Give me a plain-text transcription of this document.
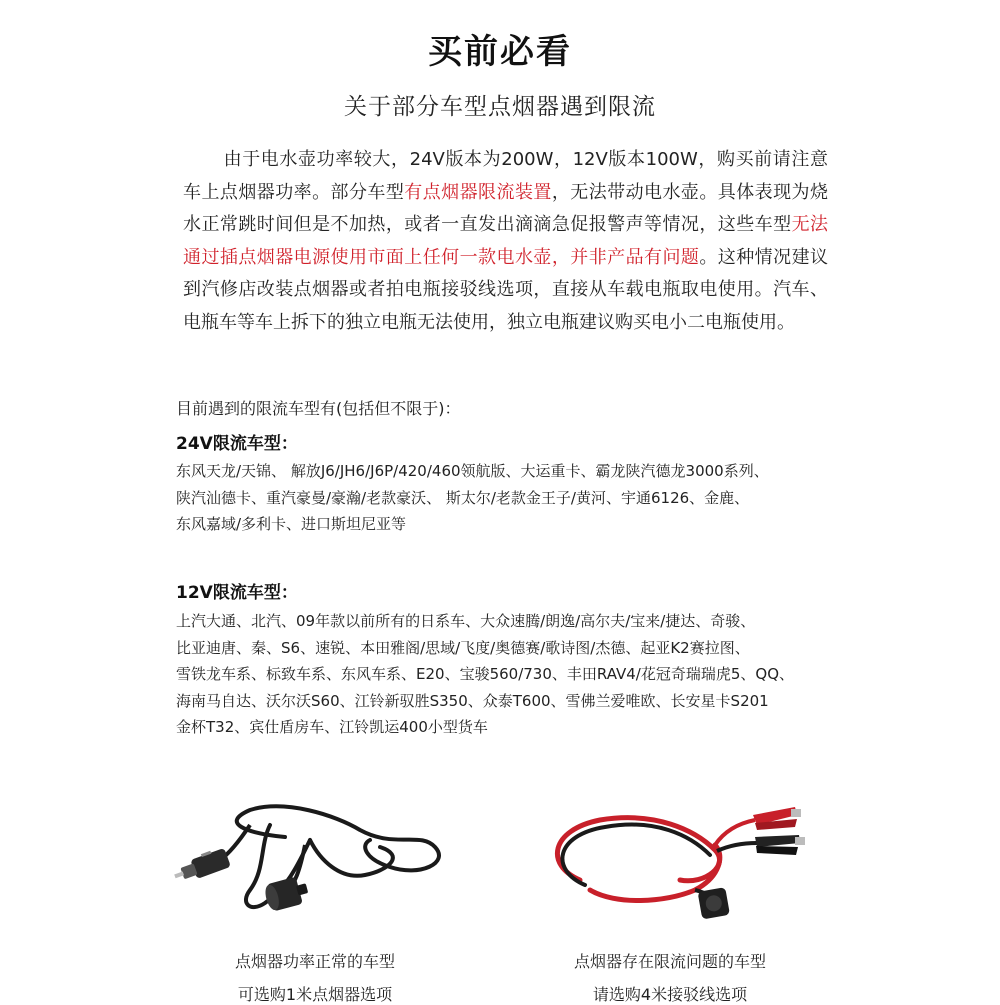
买前必看
关于部分车型点烟器遇到限流
由于电水壶功率较大，24V版本为200W，12V版本100W，购买前请注意车上点烟器功率。部分车型有点烟器限流装置，无法带动电水壶。具体表现为烧水正常跳时间但是不加热，或者一直发出滴滴急促报警声等情况，这些车型无法通过插点烟器电源使用市面上任何一款电水壶，并非产品有问题。这种情况建议到汽修店改装点烟器或者拍电瓶接驳线选项，直接从车载电瓶取电使用。汽车、电瓶车等车上拆下的独立电瓶无法使用，独立电瓶建议购买电小二电瓶使用。
目前遇到的限流车型有(包括但不限于)：
24V限流车型：
东风天龙/天锦、 解放J6/JH6/J6P/420/460领航版、大运重卡、霸龙陕汽德龙3000系列、
陕汽汕德卡、重汽豪曼/豪瀚/老款豪沃、 斯太尔/老款金王子/黄河、宇通6126、金鹿、
东风嘉域/多利卡、进口斯坦尼亚等
12V限流车型：
上汽大通、北汽、09年款以前所有的日系车、大众速腾/朗逸/高尔夫/宝来/捷达、奇骏、
比亚迪唐、秦、S6、速锐、本田雅阁/思域/飞度/奥德赛/歌诗图/杰德、起亚K2赛拉图、
雪铁龙车系、标致车系、东风车系、E20、宝骏560/730、丰田RAV4/花冠奇瑞瑞虎5、QQ、
海南马自达、沃尔沃S60、江铃新驭胜S350、众泰T600、雪佛兰爱唯欧、长安星卡S201
金杯T32、宾仕盾房车、江铃凯运400小型货车
点烟器功率正常的车型
可选购1米点烟器选项
点烟器存在限流问题的车型
请选购4米接驳线选项
